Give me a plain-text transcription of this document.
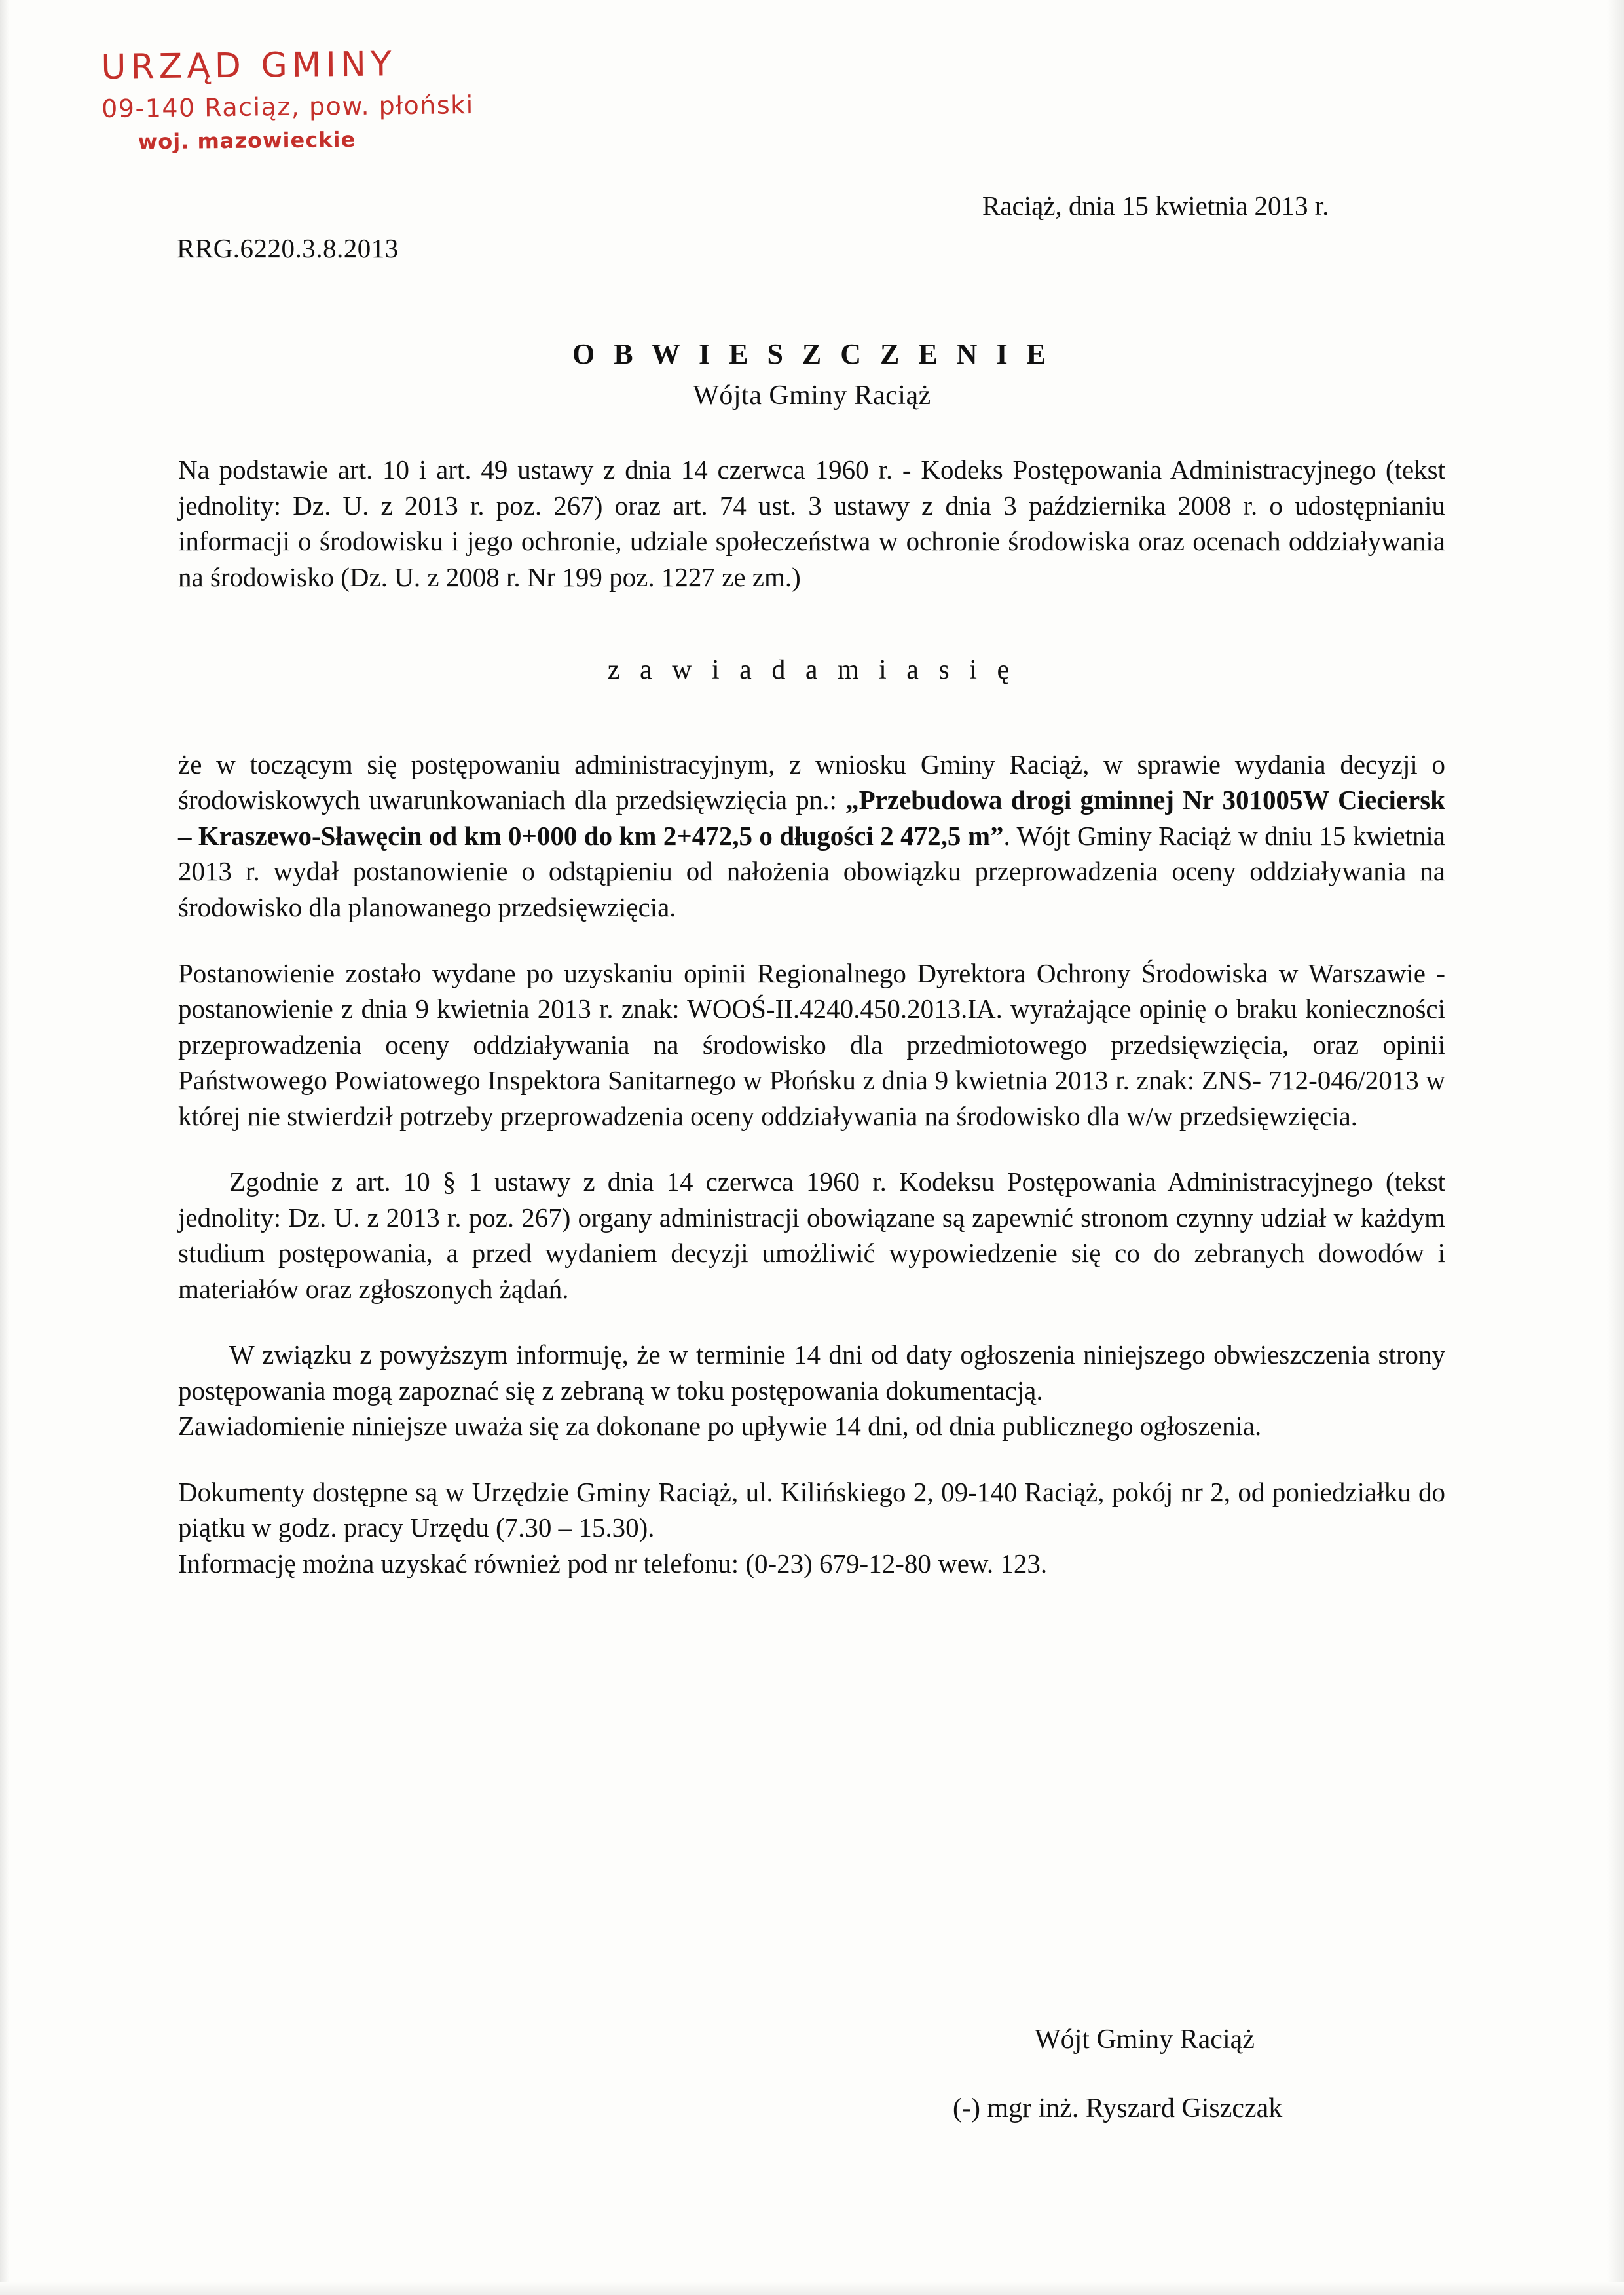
URZĄD GMINY
09-140 Raciąz, pow. płoński
woj. mazowieckie
RRG.6220.3.8.2013
Raciąż, dnia 15 kwietnia 2013 r.
O B W I E S Z C Z E N I E
Wójta Gminy Raciąż

Na podstawie art. 10 i art. 49 ustawy z dnia 14 czerwca 1960 r. - Kodeks Postępowania Administracyjnego (tekst jednolity: Dz. U. z 2013 r. poz. 267) oraz art. 74 ust. 3 ustawy z dnia 3 października 2008 r. o udostępnianiu informacji o środowisku i jego ochronie, udziale społeczeństwa w ochronie środowiska oraz ocenach oddziaływania na środowisko (Dz. U. z 2008 r. Nr 199 poz. 1227 ze zm.)

z a w i a d a m i a s i ę

że w toczącym się postępowaniu administracyjnym, z wniosku Gminy Raciąż, w sprawie wydania decyzji o środowiskowych uwarunkowaniach dla przedsięwzięcia pn.: „Przebudowa drogi gminnej Nr 301005W Cieciersk – Kraszewo-Sławęcin od km 0+000 do km 2+472,5 o długości 2 472,5 m”. Wójt Gminy Raciąż w dniu 15 kwietnia 2013 r. wydał postanowienie o odstąpieniu od nałożenia obowiązku przeprowadzenia oceny oddziaływania na środowisko dla planowanego przedsięwzięcia.

Postanowienie zostało wydane po uzyskaniu opinii Regionalnego Dyrektora Ochrony Środowiska w Warszawie - postanowienie z dnia 9 kwietnia 2013 r. znak: WOOŚ-II.4240.450.2013.IA. wyrażające opinię o braku konieczności przeprowadzenia oceny oddziaływania na środowisko dla przedmiotowego przedsięwzięcia, oraz opinii Państwowego Powiatowego Inspektora Sanitarnego w Płońsku z dnia 9 kwietnia 2013 r. znak: ZNS- 712-046/2013 w której nie stwierdził potrzeby przeprowadzenia oceny oddziaływania na środowisko dla w/w przedsięwzięcia.

Zgodnie z art. 10 § 1 ustawy z dnia 14 czerwca 1960 r. Kodeksu Postępowania Administracyjnego (tekst jednolity: Dz. U. z 2013 r. poz. 267) organy administracji obowiązane są zapewnić stronom czynny udział w każdym studium postępowania, a przed wydaniem decyzji umożliwić wypowiedzenie się co do zebranych dowodów i materiałów oraz zgłoszonych żądań.

W związku z powyższym informuję, że w terminie 14 dni od daty ogłoszenia niniejszego obwieszczenia strony postępowania mogą zapoznać się z zebraną w toku postępowania dokumentacją.

Zawiadomienie niniejsze uważa się za dokonane po upływie 14 dni, od dnia publicznego ogłoszenia.

Dokumenty dostępne są w Urzędzie Gminy Raciąż, ul. Kilińskiego 2, 09-140 Raciąż, pokój nr 2, od poniedziałku do piątku w godz. pracy Urzędu (7.30 – 15.30).

Informację można uzyskać również pod nr telefonu: (0-23) 679-12-80 wew. 123.

Wójt Gminy Raciąż
(-) mgr inż. Ryszard Giszczak
